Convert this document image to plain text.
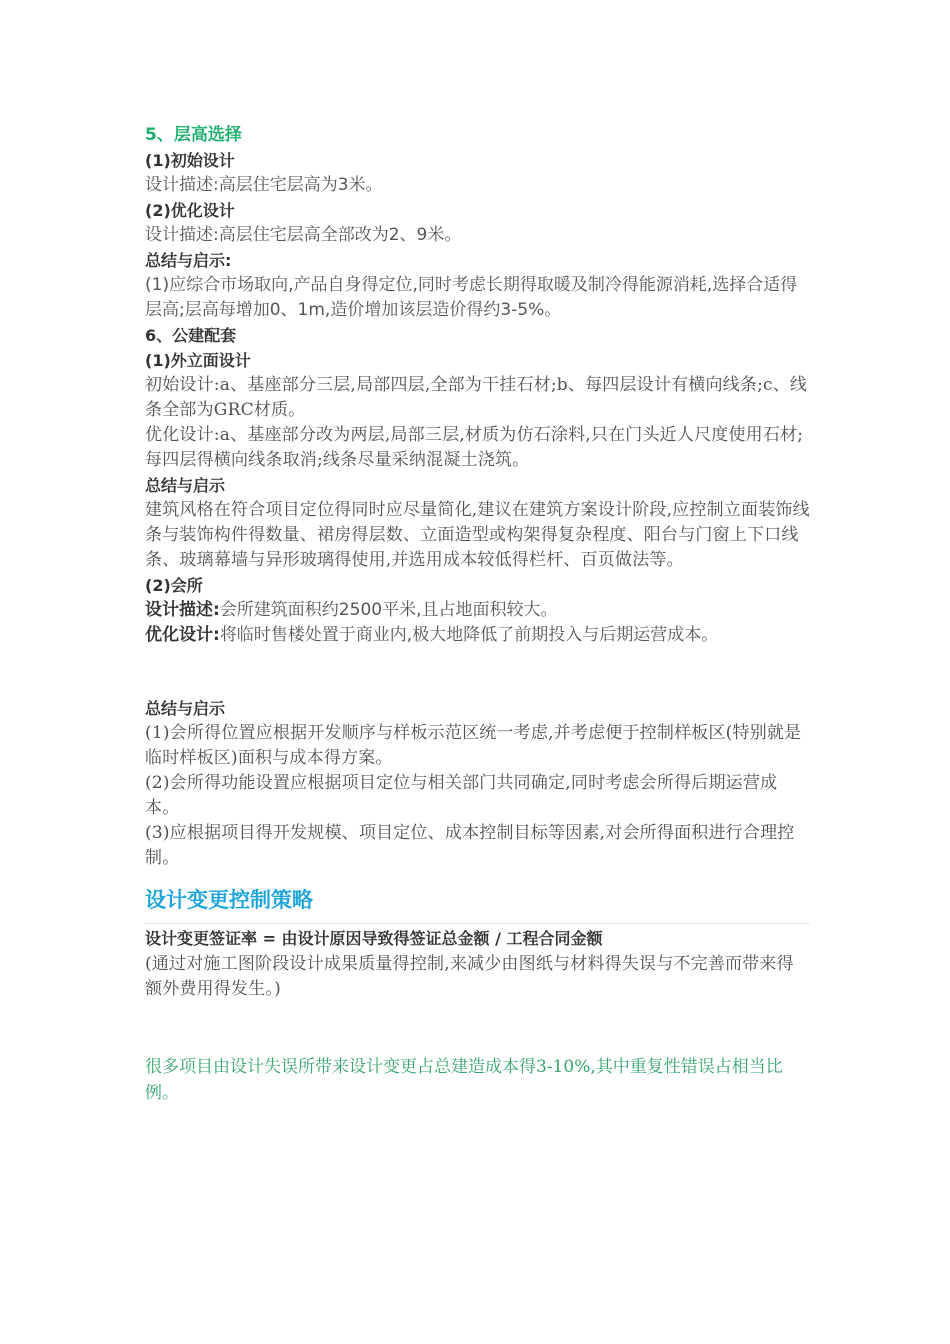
5、层高选择
(1)初始设计
设计描述:高层住宅层高为3米。
(2)优化设计
设计描述:高层住宅层高全部改为2、9米。
总结与启示:
(1)应综合市场取向,产品自身得定位,同时考虑长期得取暖及制冷得能源消耗,选择合适得层高;层高每增加0、1m,造价增加该层造价得约3-5%。
6、公建配套
(1)外立面设计
初始设计:a、基座部分三层,局部四层,全部为干挂石材;b、每四层设计有横向线条;c、线条全部为GRC材质。
优化设计:a、基座部分改为两层,局部三层,材质为仿石涂料,只在门头近人尺度使用石材;每四层得横向线条取消;线条尽量采纳混凝土浇筑。
总结与启示
建筑风格在符合项目定位得同时应尽量简化,建议在建筑方案设计阶段,应控制立面装饰线条与装饰构件得数量、裙房得层数、立面造型或构架得复杂程度、阳台与门窗上下口线条、玻璃幕墙与异形玻璃得使用,并选用成本较低得栏杆、百页做法等。
(2)会所
设计描述:会所建筑面积约2500平米,且占地面积较大。
优化设计:将临时售楼处置于商业内,极大地降低了前期投入与后期运营成本。
总结与启示
(1)会所得位置应根据开发顺序与样板示范区统一考虑,并考虑便于控制样板区(特别就是临时样板区)面积与成本得方案。
(2)会所得功能设置应根据项目定位与相关部门共同确定,同时考虑会所得后期运营成本。
(3)应根据项目得开发规模、项目定位、成本控制目标等因素,对会所得面积进行合理控制。
设计变更控制策略
设计变更签证率 = 由设计原因导致得签证总金额 / 工程合同金额
(通过对施工图阶段设计成果质量得控制,来减少由图纸与材料得失误与不完善而带来得额外费用得发生。)
很多项目由设计失误所带来设计变更占总建造成本得3-10%,其中重复性错误占相当比例。
